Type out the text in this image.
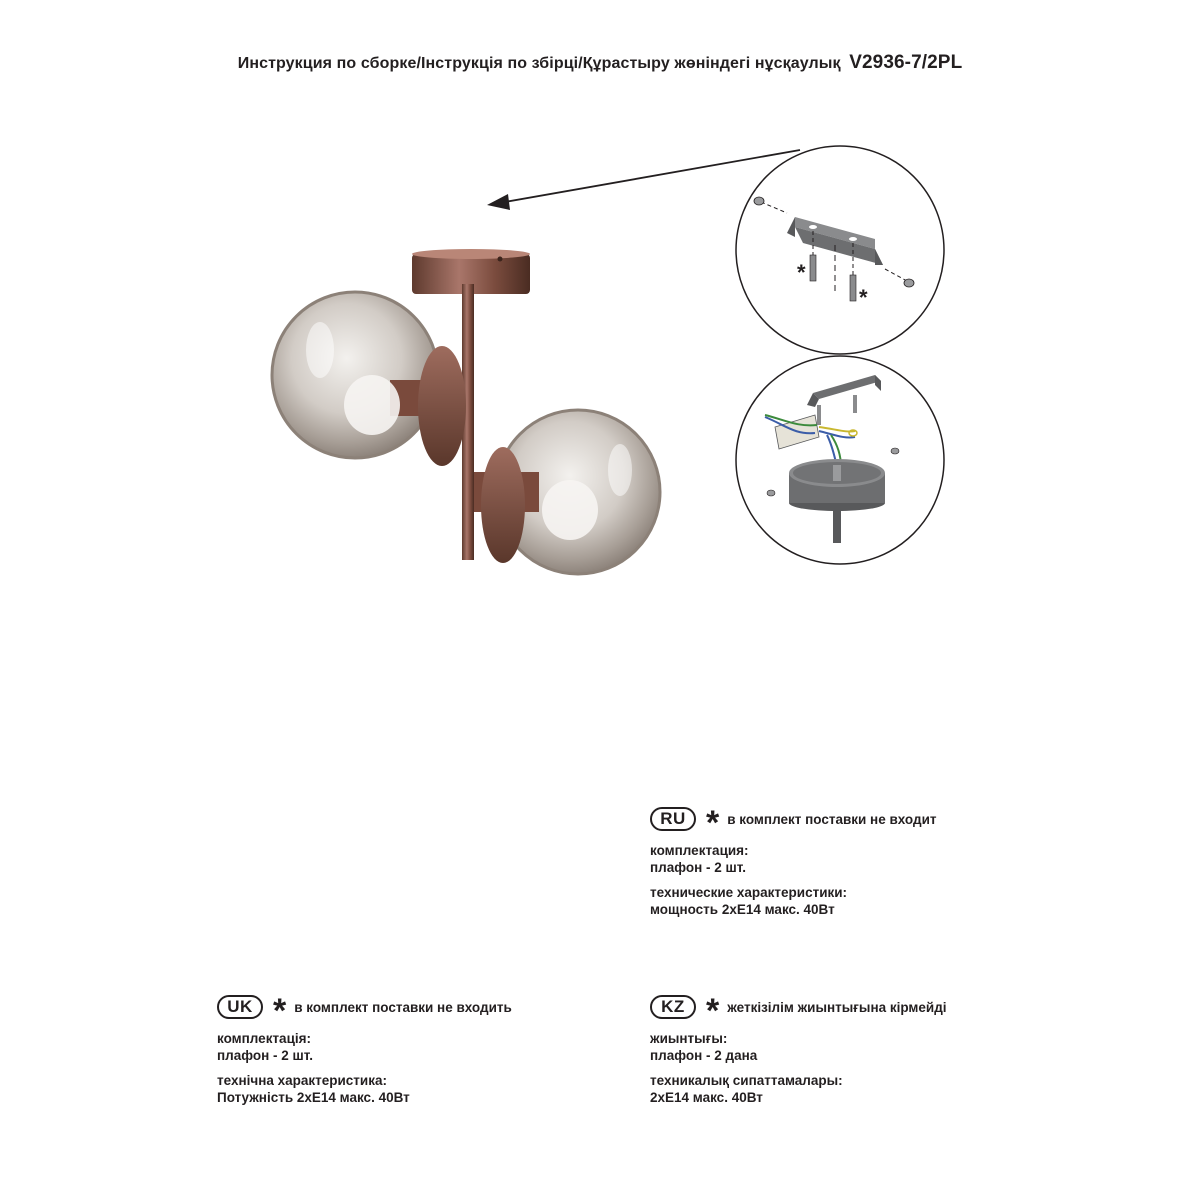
Инструкция по сборке/Інструкція по збірці/Құрастыру жөніндегі нұсқаулық V2936-7/2PL
*
*
RU * в комплект поставки не входит
комплектация:
плафон - 2 шт.
технические характеристики:
мощность 2хЕ14 макс. 40Вт
UK * в комплект поставки не входить
комплектація:
плафон - 2 шт.
технічна характеристика:
Потужність 2хЕ14 макс. 40Вт
KZ * жеткізілім жиынтығына кірмейді
жиынтығы:
плафон - 2 дана
техникалық сипаттамалары:
2хЕ14 макс. 40Вт
